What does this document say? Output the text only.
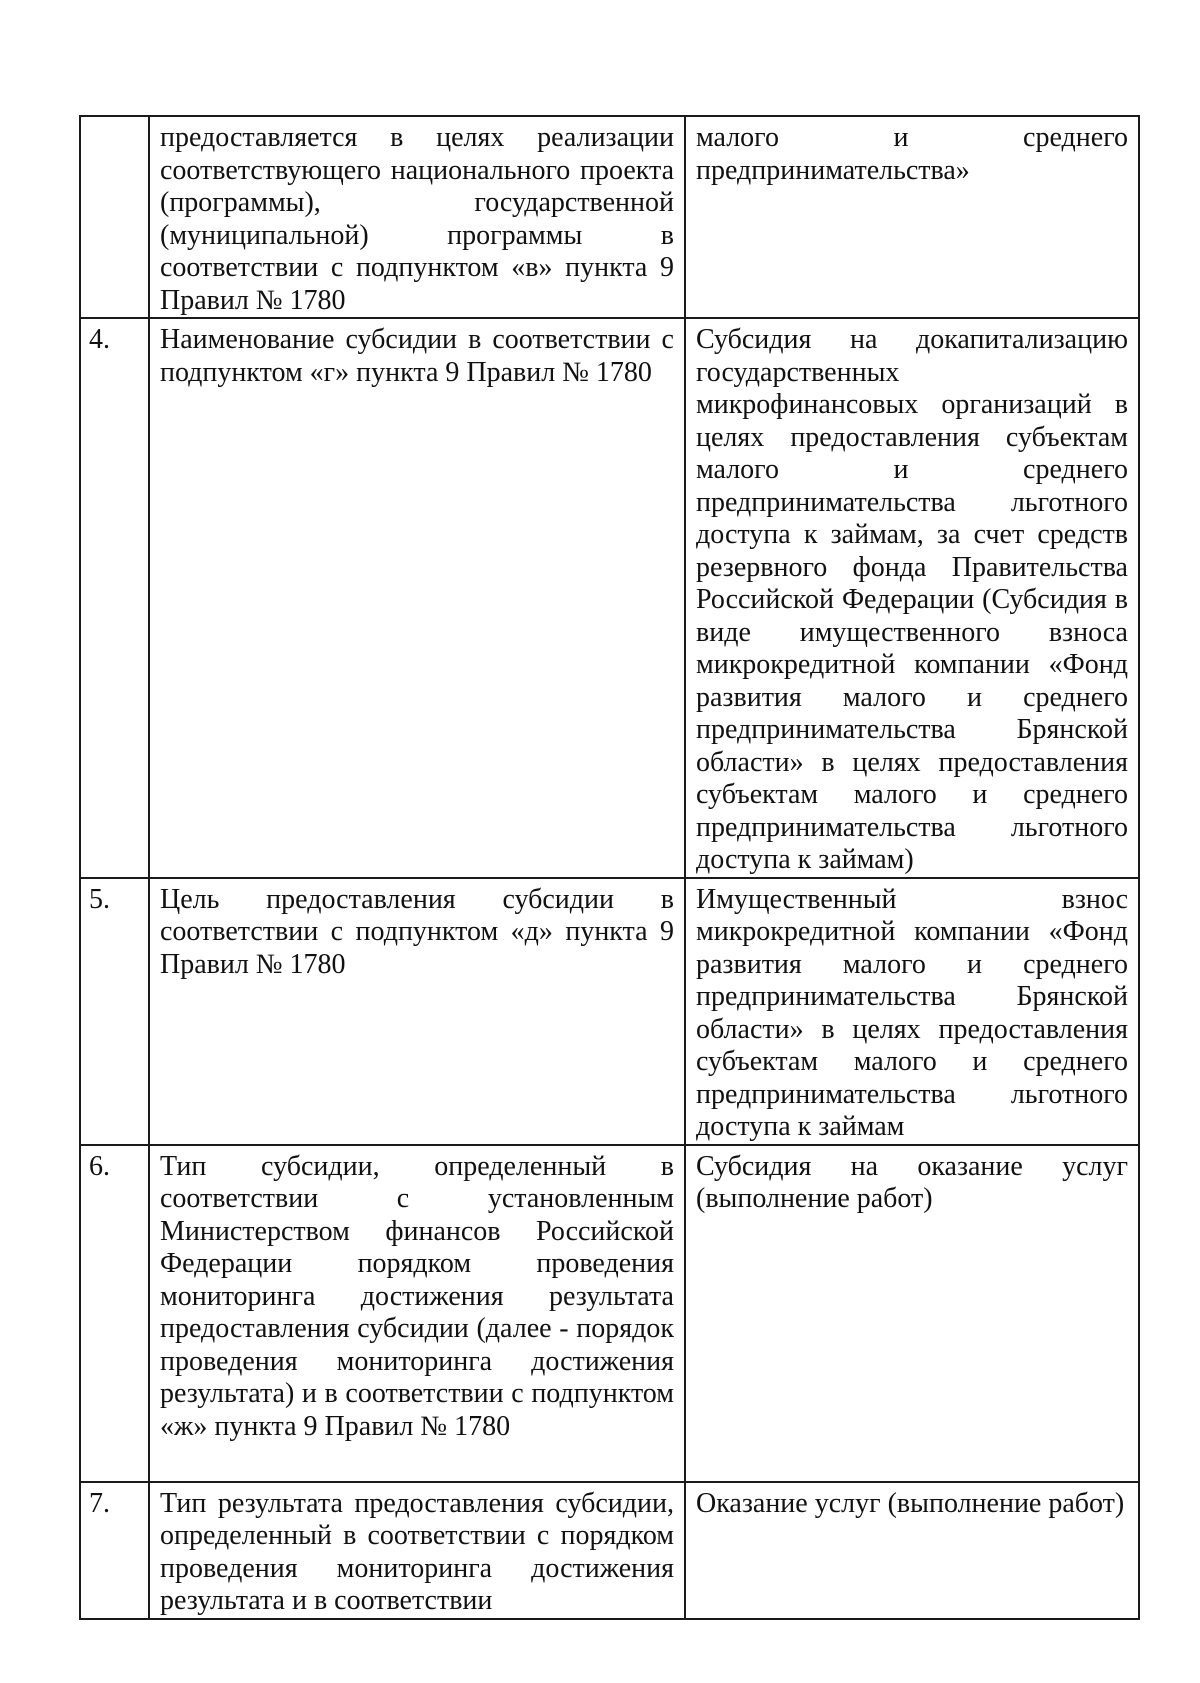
	предоставляется в целях реализации соответствующего национального проекта (программы), государственной (муниципальной) программы в соответствии с подпунктом «в» пункта 9 Правил № 1780	малого и среднего предпринимательства»
4.	Наименование субсидии в соответствии с подпунктом «г» пункта 9 Правил № 1780	Субсидия на докапитализацию государственных микрофинансовых организаций в целях предоставления субъектам малого и среднего предпринимательства льготного доступа к займам, за счет средств резервного фонда Правительства Российской Федерации (Субсидия в виде имущественного взноса микрокредитной компании «Фонд развития малого и среднего предпринимательства Брянской области» в целях предоставления субъектам малого и среднего предпринимательства льготного доступа к займам)
5.	Цель предоставления субсидии в соответствии с подпунктом «д» пункта 9 Правил № 1780	Имущественный взнос микрокредитной компании «Фонд развития малого и среднего предпринимательства Брянской области» в целях предоставления субъектам малого и среднего предпринимательства льготного доступа к займам
6.	Тип субсидии, определенный в соответствии с установленным Министерством финансов Российской Федерации порядком проведения мониторинга достижения результата предоставления субсидии (далее - порядок проведения мониторинга достижения результата) и в соответствии с подпунктом «ж» пункта 9 Правил № 1780	Субсидия на оказание услуг (выполнение работ)
7.	Тип результата предоставления субсидии, определенный в соответствии с порядком проведения мониторинга достижения результата и в соответствии	Оказание услуг (выполнение работ)
